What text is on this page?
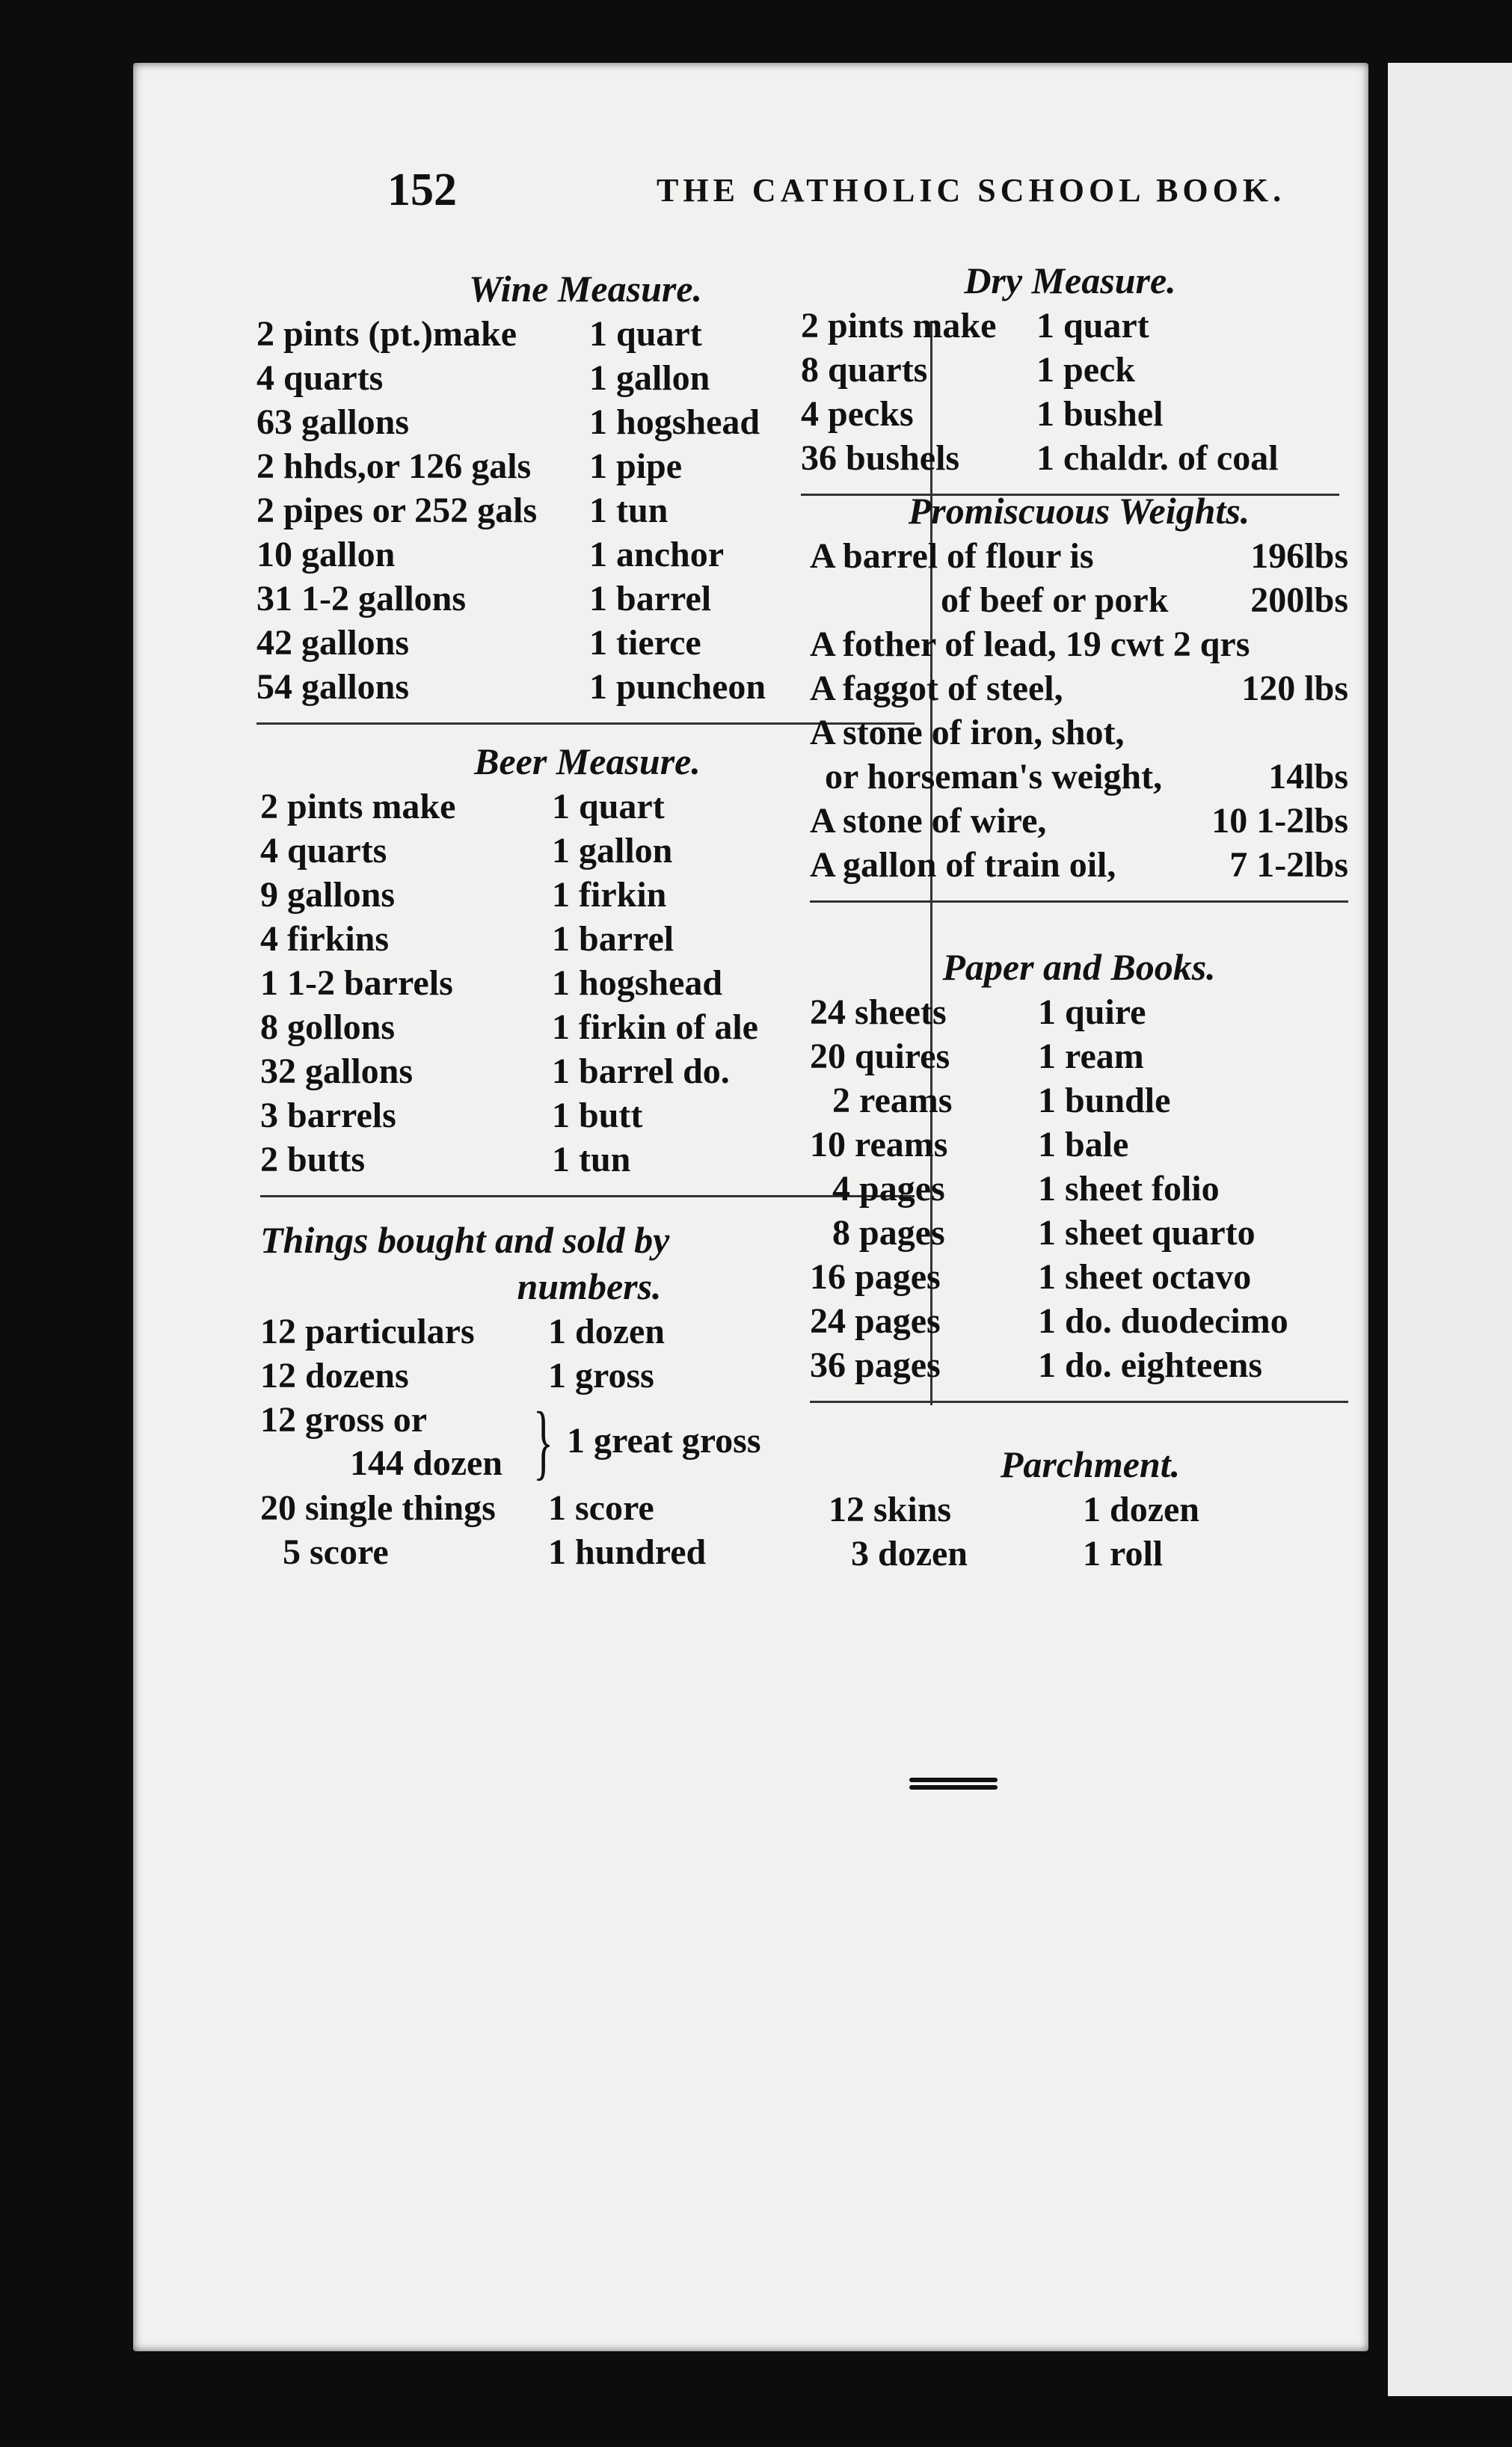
152	THE CATHOLIC SCHOOL BOOK.
Wine Measure.
2 pints (pt.)make 1 quart
4 quarts	1 gallon
63 gallons	1 hogshead
2 hhds,or 126 gals 1 pipe
2 pipes or 252 gals 1 tun
10 gallon	1 anchor
31 1-2 gallons	1 barrel
42 gallons	1 tierce
54 gallons	1 puncheon
Beer Measure.
2 pints make	1 quart
4 quarts	1 gallon
9 gallons	1 firkin
4 firkins	1 barrel
1 1-2 barrels	1 hogshead
8 gollons	1 firkin of ale
32 gallons	1 barrel do.
3 barrels	1 butt
2 butts	1 tun
Things bought and sold by
numbers.
12 particulars 1 dozen
12 dozens	1 gross
12 gross or
144 dozen } 1 great gross
20 single things 1 score
5 score	1 hundred
Dry Measure.
2 pints make 1 quart
8 quarts	1 peck
4 pecks	1 bushel
36 bushels 1 chaldr. of coal
Promiscuous Weights.
A barrel of flour is	196lbs
of beef or pork 200lbs
A fother of lead, 19 cwt 2 qrs
A faggot of steel,	120 lbs
A stone of iron, shot,
or horseman's weight,	14lbs
A stone of wire,	10 1-2lbs
A gallon of train oil,	7 1-2lbs
Paper and Books.
24 sheets	1 quire
20 quires 1 ream
2 reams 1 bundle
10 reams	1 bale
4 pages	1 sheet folio
8 pages	1 sheet quarto
16 pages	1 sheet octavo
24 pages	1 do. duodecimo
36 pages	1 do. eighteens
Parchment.
12 skins	1 dozen
3 dozen	1 roll
